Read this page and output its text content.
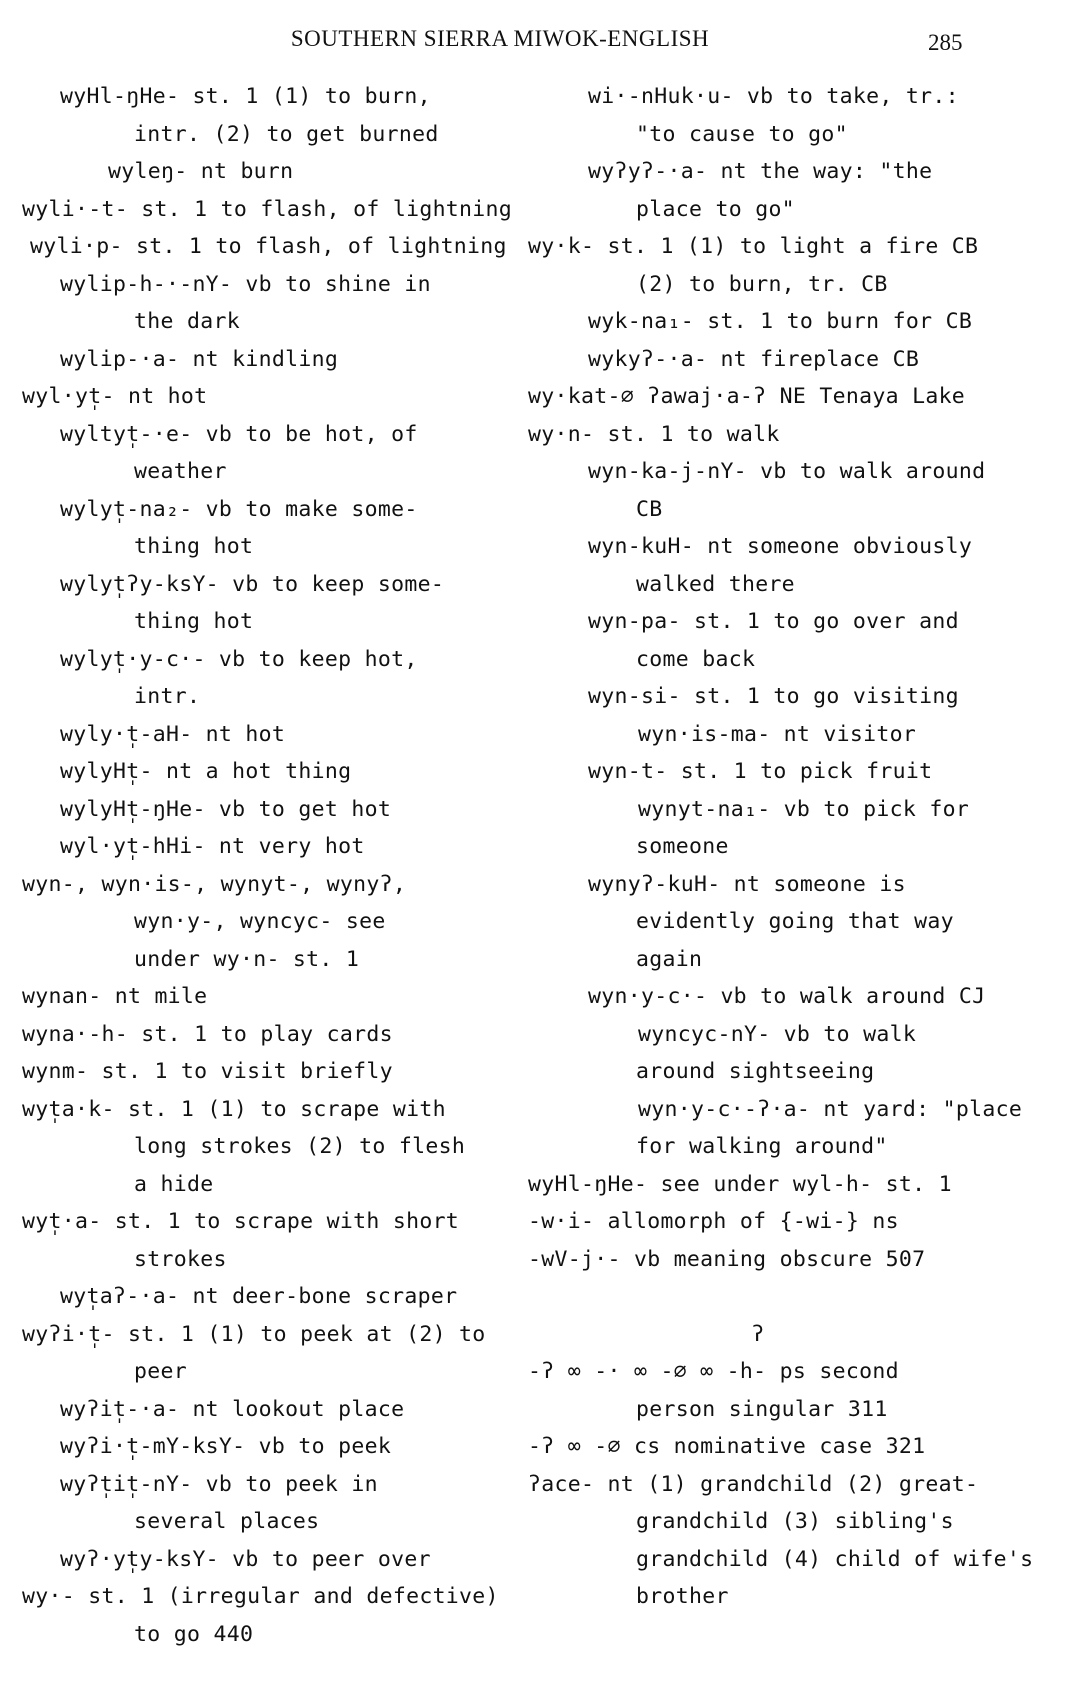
SOUTHERN SIERRA MIWOK-ENGLISH	285
wyHl-ŋHe- st. 1 (1) to burn,
intr. (2) to get burned
wyleŋ- nt burn
wyli·-t- st. 1 to flash, of lightning
wyli·p- st. 1 to flash, of lightning
wylip-h-·-nY- vb to shine in
the dark
wylip-·a- nt kindling
wyl·yt̩- nt hot
wyltyt̩-·e- vb to be hot, of
weather
wylyt̩-na₂- vb to make some-
thing hot
wylyt̩ʔy-ksY- vb to keep some-
thing hot
wylyt̩·y-c·- vb to keep hot,
intr.
wyly·t̩-aH- nt hot
wylyHt̩- nt a hot thing
wylyHt̩-ŋHe- vb to get hot
wyl·yt̩-hHi- nt very hot
wyn-, wyn·is-, wynyt-, wynyʔ,
wyn·y-, wyncyc- see
under wy·n- st. 1
wynan- nt mile
wyna·-h- st. 1 to play cards
wynm- st. 1 to visit briefly
wyt̩a·k- st. 1 (1) to scrape with
long strokes (2) to flesh
a hide
wyt̩·a- st. 1 to scrape with short
strokes
wyt̩aʔ-·a- nt deer-bone scraper
wyʔi·t̩- st. 1 (1) to peek at (2) to
peer
wyʔit̩-·a- nt lookout place
wyʔi·t̩-mY-ksY- vb to peek
wyʔt̩it̩-nY- vb to peek in
several places
wyʔ·yt̩y-ksY- vb to peer over
wy·- st. 1 (irregular and defective)
to go 440
wi·-nHuk·u- vb to take, tr.:
"to cause to go"
wyʔyʔ-·a- nt the way: "the
place to go"
wy·k- st. 1 (1) to light a fire CB
(2) to burn, tr. CB
wyk-na₁- st. 1 to burn for CB
wykyʔ-·a- nt fireplace CB
wy·kat-∅ ʔawaj·a-ʔ NE Tenaya Lake
wy·n- st. 1 to walk
wyn-ka-j-nY- vb to walk around
CB
wyn-kuH- nt someone obviously
walked there
wyn-pa- st. 1 to go over and
come back
wyn-si- st. 1 to go visiting
wyn·is-ma- nt visitor
wyn-t- st. 1 to pick fruit
wynyt-na₁- vb to pick for
someone
wynyʔ-kuH- nt someone is
evidently going that way
again
wyn·y-c·- vb to walk around CJ
wyncyc-nY- vb to walk
around sightseeing
wyn·y-c·-ʔ·a- nt yard: "place
for walking around"
wyHl-ŋHe- see under wyl-h- st. 1
-w·i- allomorph of {-wi-} ns
-wV-j·- vb meaning obscure 507
ʔ
-ʔ ∞ -· ∞ -∅ ∞ -h- ps second
person singular 311
-ʔ ∞ -∅ cs nominative case 321
ʔace- nt (1) grandchild (2) great-
grandchild (3) sibling's
grandchild (4) child of wife's
brother
